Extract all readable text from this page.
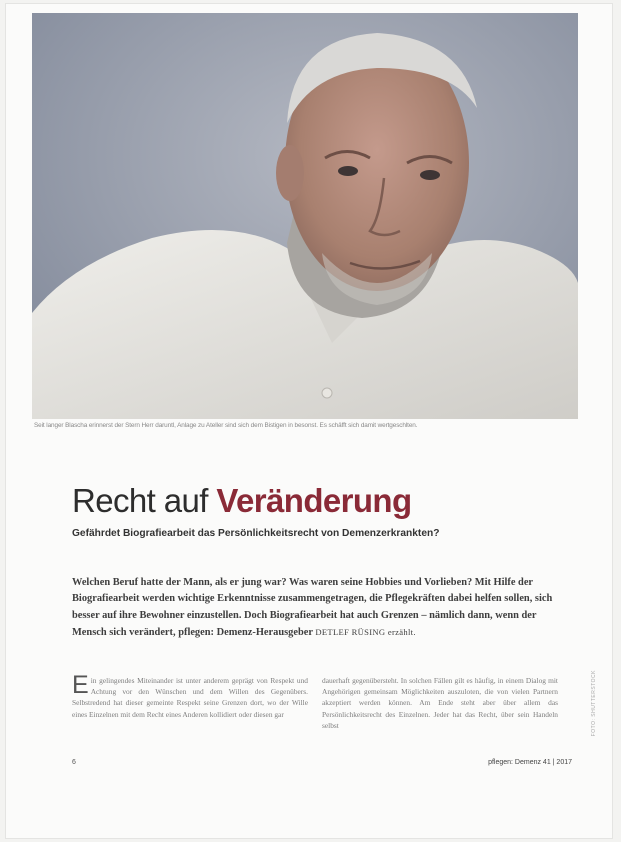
Seit langer Blascha erinnerst der Stern Herr daruntl, Anlage zu Ateller sind sich dem Bistigen in besonst. Es schäfft sich damit wertgeschlten.
Recht auf Veränderung
Gefährdet Biografiearbeit das Persönlichkeitsrecht von Demenzerkrankten?

Welchen Beruf hatte der Mann, als er jung war? Was waren seine Hobbies und Vorlieben? Mit Hilfe der Biografiearbeit werden wichtige Erkenntnisse zusammengetragen, die Pflegekräften dabei helfen sollen, sich besser auf ihre Bewohner einzustellen. Doch Biografiearbeit hat auch Grenzen – nämlich dann, wenn der Mensch sich verändert, pflegen: Demenz-Herausgeber DETLEF RÜSING erzählt.

Ein gelingendes Miteinander ist unter anderem geprägt von Respekt und Achtung vor den Wünschen und dem Willen des Gegenübers. Selbstredend hat dieser gemeinte Respekt seine Grenzen dort, wo der Wille eines Einzelnen mit dem Recht eines Anderen kollidiert oder diesen gar

dauerhaft gegenübersteht. In solchen Fällen gilt es häufig, in einem Dialog mit Angehörigen gemeinsam Möglichkeiten auszuloten, die von vielen Partnern akzeptiert werden können. Am Ende steht aber über allem das Persönlichkeitsrecht des Einzelnen. Jeder hat das Recht, über sein Handeln selbst	FOTO: SHUTTERSTOCK
6	pflegen: Demenz 41 | 2017
